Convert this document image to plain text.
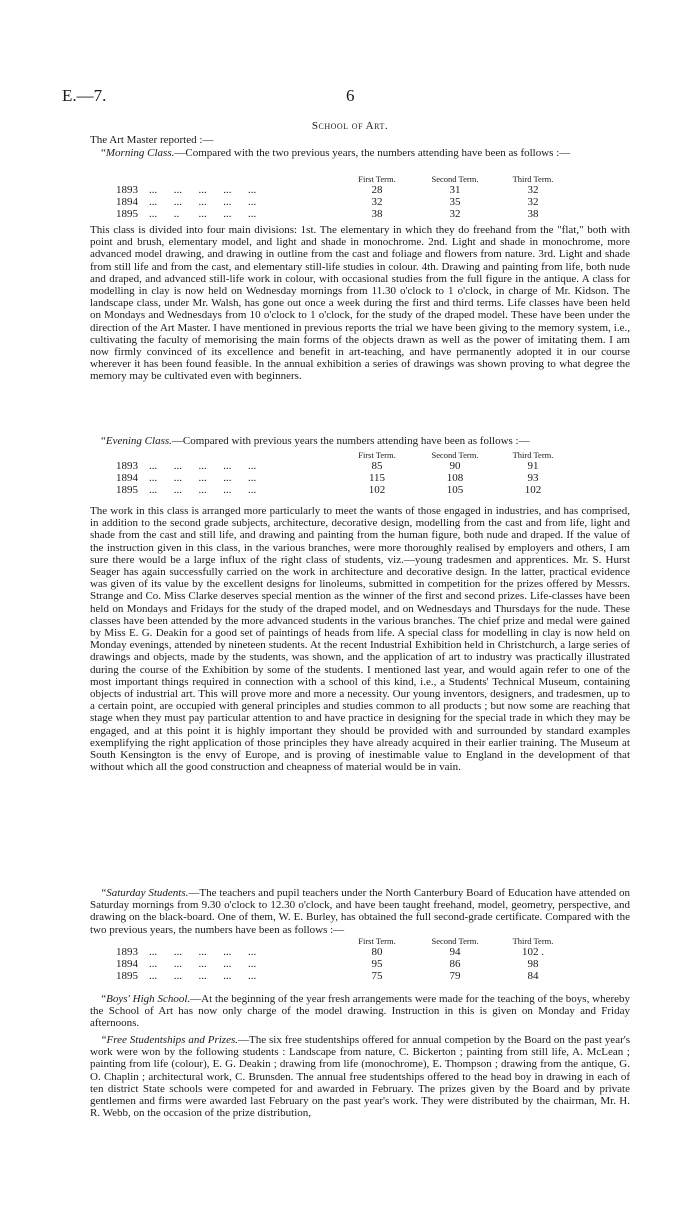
E.—7.	6
School of Art.
The Art Master reported :—
“Morning Class.—Compared with the two previous years, the numbers attending have been as follows :—
	First Term.	Second Term.	Third Term.
1893 ...      ...      ...      ...      ...	28	31	32
1894 ...      ...      ...      ...      ...	32	35	32
1895 ...      ..       ...      ...      ...	38	32	38
This class is divided into four main divisions: 1st. The elementary in which they do freehand from the "flat," both with point and brush, elementary model, and light and shade in monochrome. 2nd. Light and shade in monochrome, more advanced model drawing, and drawing in outline from the cast and foliage and flowers from nature. 3rd. Light and shade from still life and from the cast, and elementary still-life studies in colour. 4th. Drawing and painting from life, both nude and draped, and advanced still-life work in colour, with occasional studies from the full figure in the antique. A class for modelling in clay is now held on Wednesday mornings from 11.30 o'clock to 1 o'clock, in charge of Mr. Kidson. The landscape class, under Mr. Walsh, has gone out once a week during the first and third terms. Life classes have been held on Mondays and Wednesdays from 10 o'clock to 1 o'clock, for the study of the draped model. These have been under the direction of the Art Master. I have mentioned in previous reports the trial we have been giving to the memory system, i.e., cultivating the faculty of memorising the main forms of the objects drawn as well as the power of imitating them. I am now firmly convinced of its excellence and benefit in art-teaching, and have permanently adopted it in our course wherever it has been found feasible. In the annual exhibition a series of drawings was shown proving to what degree the memory may be cultivated even with beginners.
“Evening Class.—Compared with previous years the numbers attending have been as follows :—
	First Term.	Second Term.	Third Term.
1893 ...      ...      ...      ...      ...	85	90	91
1894 ...      ...      ...      ...      ...	115	108	93
1895 ...      ...      ...      ...      ...	102	105	102
The work in this class is arranged more particularly to meet the wants of those engaged in industries, and has comprised, in addition to the second grade subjects, architecture, decorative design, modelling from the cast and from life, light and shade from the cast and still life, and drawing and painting from the human figure, both nude and draped. If the value of the instruction given in this class, in the various branches, were more thoroughly realised by employers and others, I am sure there would be a large influx of the right class of students, viz.—young tradesmen and apprentices. Mr. S. Hurst Seager has again successfully carried on the work in architecture and decorative design. In the latter, practical evidence was given of its value by the excellent designs for linoleums, submitted in competition for the prizes offered by Messrs. Strange and Co. Miss Clarke deserves special mention as the winner of the first and second prizes. Life-classes have been held on Mondays and Fridays for the study of the draped model, and on Wednesdays and Thursdays for the nude. These classes have been attended by the more advanced students in the various branches. The chief prize and medal were gained by Miss E. G. Deakin for a good set of paintings of heads from life. A special class for modelling in clay is now held on Monday evenings, attended by nineteen students. At the recent Industrial Exhibition held in Christchurch, a large series of drawings and objects, made by the students, was shown, and the application of art to industry was practically illustrated during the course of the Exhibition by some of the students. I mentioned last year, and would again refer to one of the most important things required in connection with a school of this kind, i.e., a Students' Technical Museum, containing objects of industrial art. This will prove more and more a necessity. Our young inventors, designers, and tradesmen, up to a certain point, are occupied with general principles and studies common to all products ; but now some are reaching that stage when they must pay particular attention to and have practice in designing for the special trade in which they may be engaged, and at this point it is highly important they should be provided with and surrounded by standard examples exemplifying the right application of those principles they have already acquired in their earlier training. The Museum at South Kensington is the envy of Europe, and is proving of inestimable value to England in the development of that without which all the good construction and cheapness of material would be in vain.
“Saturday Students.—The teachers and pupil teachers under the North Canterbury Board of Education have attended on Saturday mornings from 9.30 o'clock to 12.30 o'clock, and have been taught freehand, model, geometry, perspective, and drawing on the black-board. One of them, W. E. Burley, has obtained the full second-grade certificate. Compared with the two previous years, the numbers have been as follows :—
	First Term.	Second Term.	Third Term.
1893 ...      ...      ...      ...      ...	80	94	102 .
1894 ...      ...      ...      ...      ...	95	86	98
1895 ...      ...      ...      ...      ...	75	79	84
“Boys' High School.—At the beginning of the year fresh arrangements were made for the teaching of the boys, whereby the School of Art has now only charge of the model drawing. Instruction in this is given on Monday and Friday afternoons.
“Free Studentships and Prizes.—The six free studentships offered for annual competion by the Board on the past year's work were won by the following students : Landscape from nature, C. Bickerton ; painting from still life, A. McLean ; painting from life (colour), E. G. Deakin ; drawing from life (monochrome), E. Thompson ; drawing from the antique, G. O. Chaplin ; architectural work, C. Brunsden. The annual free studentships offered to the head boy in drawing in each of ten district State schools were competed for and awarded in February. The prizes given by the Board and by private gentlemen and firms were awarded last February on the past year's work. They were distributed by the chairman, Mr. H. R. Webb, on the occasion of the prize distribution,
